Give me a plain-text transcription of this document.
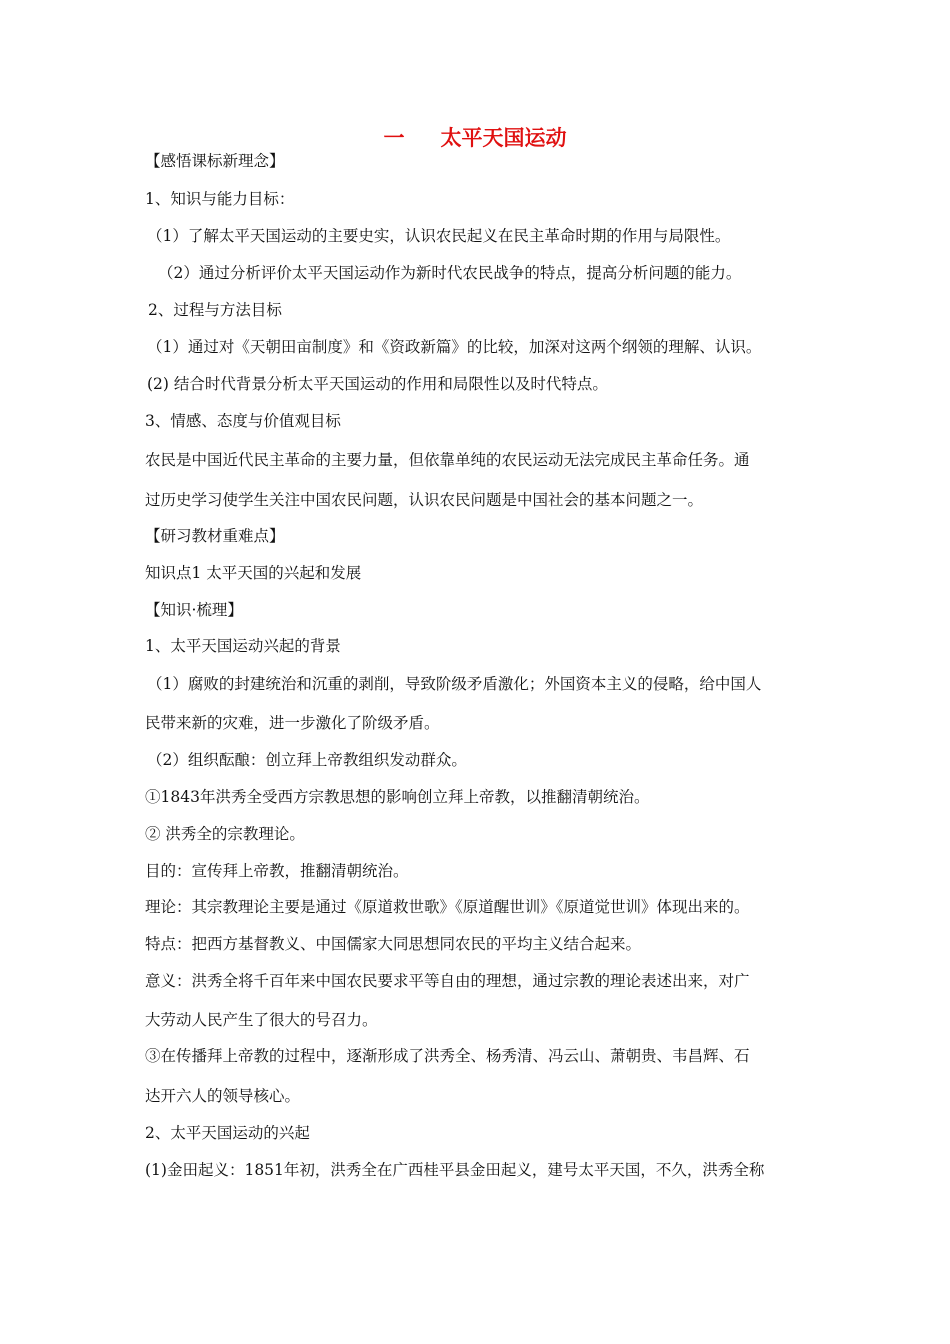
一 太平天国运动
【感悟课标新理念】
1、知识与能力目标：
（1）了解太平天国运动的主要史实，认识农民起义在民主革命时期的作用与局限性。
（2）通过分析评价太平天国运动作为新时代农民战争的特点，提高分析问题的能力。
2、过程与方法目标
（1）通过对《天朝田亩制度》和《资政新篇》的比较，加深对这两个纲领的理解、认识。
(2) 结合时代背景分析太平天国运动的作用和局限性以及时代特点。
3、情感、态度与价值观目标
农民是中国近代民主革命的主要力量，但依靠单纯的农民运动无法完成民主革命任务。通
过历史学习使学生关注中国农民问题，认识农民问题是中国社会的基本问题之一。
【研习教材重难点】
知识点1 太平天国的兴起和发展
【知识·梳理】
1、太平天国运动兴起的背景
（1）腐败的封建统治和沉重的剥削，导致阶级矛盾激化；外国资本主义的侵略，给中国人
民带来新的灾难，进一步激化了阶级矛盾。
（2）组织酝酿：创立拜上帝教组织发动群众。
①1843年洪秀全受西方宗教思想的影响创立拜上帝教，以推翻清朝统治。
② 洪秀全的宗教理论。
目的：宣传拜上帝教，推翻清朝统治。
理论：其宗教理论主要是通过《原道救世歌》《原道醒世训》《原道觉世训》体现出来的。
特点：把西方基督教义、中国儒家大同思想同农民的平均主义结合起来。
意义：洪秀全将千百年来中国农民要求平等自由的理想，通过宗教的理论表述出来，对广
大劳动人民产生了很大的号召力。
③在传播拜上帝教的过程中，逐渐形成了洪秀全、杨秀清、冯云山、萧朝贵、韦昌辉、石
达开六人的领导核心。
2、太平天国运动的兴起
(1)金田起义：1851年初，洪秀全在广西桂平县金田起义，建号太平天国，不久，洪秀全称
